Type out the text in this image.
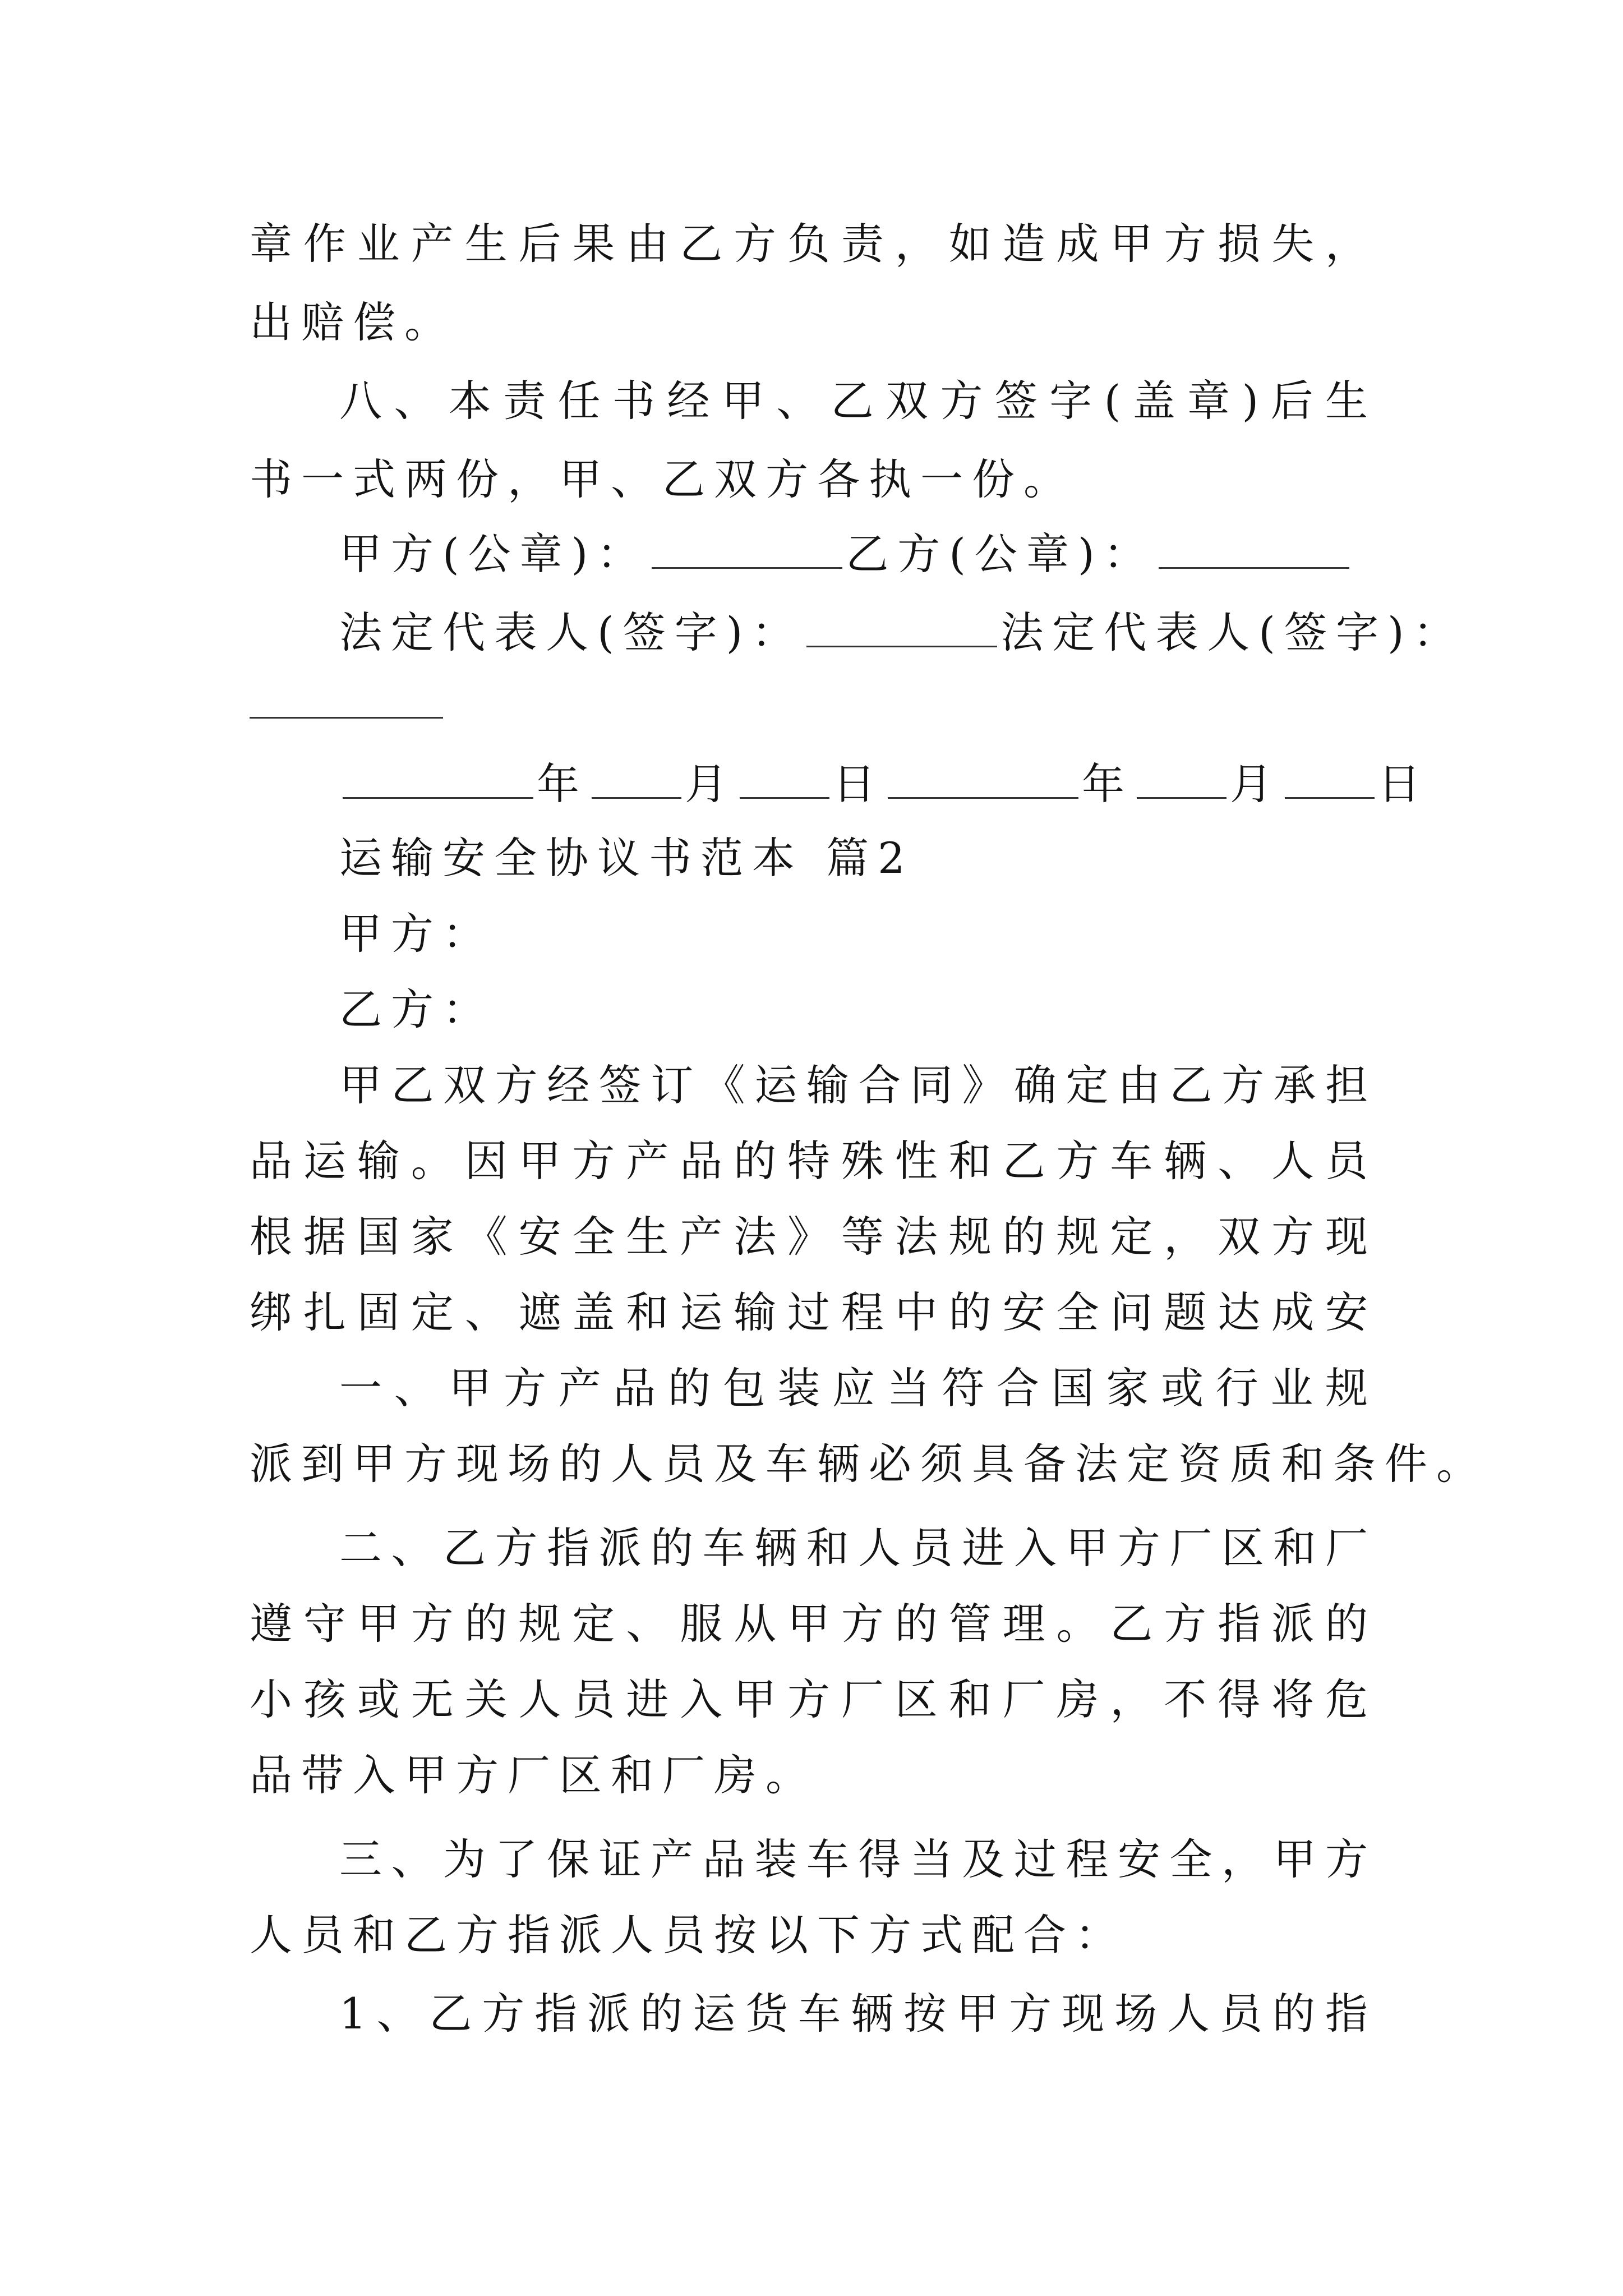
章作业产生后果由乙方负责，如造成甲方损失，
出赔偿。
八、本责任书经甲、乙双方签字(盖章)后生
书一式两份，甲、乙双方各执一份。
甲方(公章)：	乙方(公章)：
法定代表人(签字)：	法定代表人(签字)：
年 月 日	年 月 日
运输安全协议书范本 篇2
甲方：
乙方：
甲乙双方经签订《运输合同》确定由乙方承担
品运输。因甲方产品的特殊性和乙方车辆、人员
根据国家《安全生产法》等法规的规定，双方现
绑扎固定、遮盖和运输过程中的安全问题达成安
一、甲方产品的包装应当符合国家或行业规
派到甲方现场的人员及车辆必须具备法定资质和条件。
二、乙方指派的车辆和人员进入甲方厂区和厂
遵守甲方的规定、服从甲方的管理。乙方指派的
小孩或无关人员进入甲方厂区和厂房，不得将危
品带入甲方厂区和厂房。
三、为了保证产品装车得当及过程安全，甲方
人员和乙方指派人员按以下方式配合：
1、乙方指派的运货车辆按甲方现场人员的指
